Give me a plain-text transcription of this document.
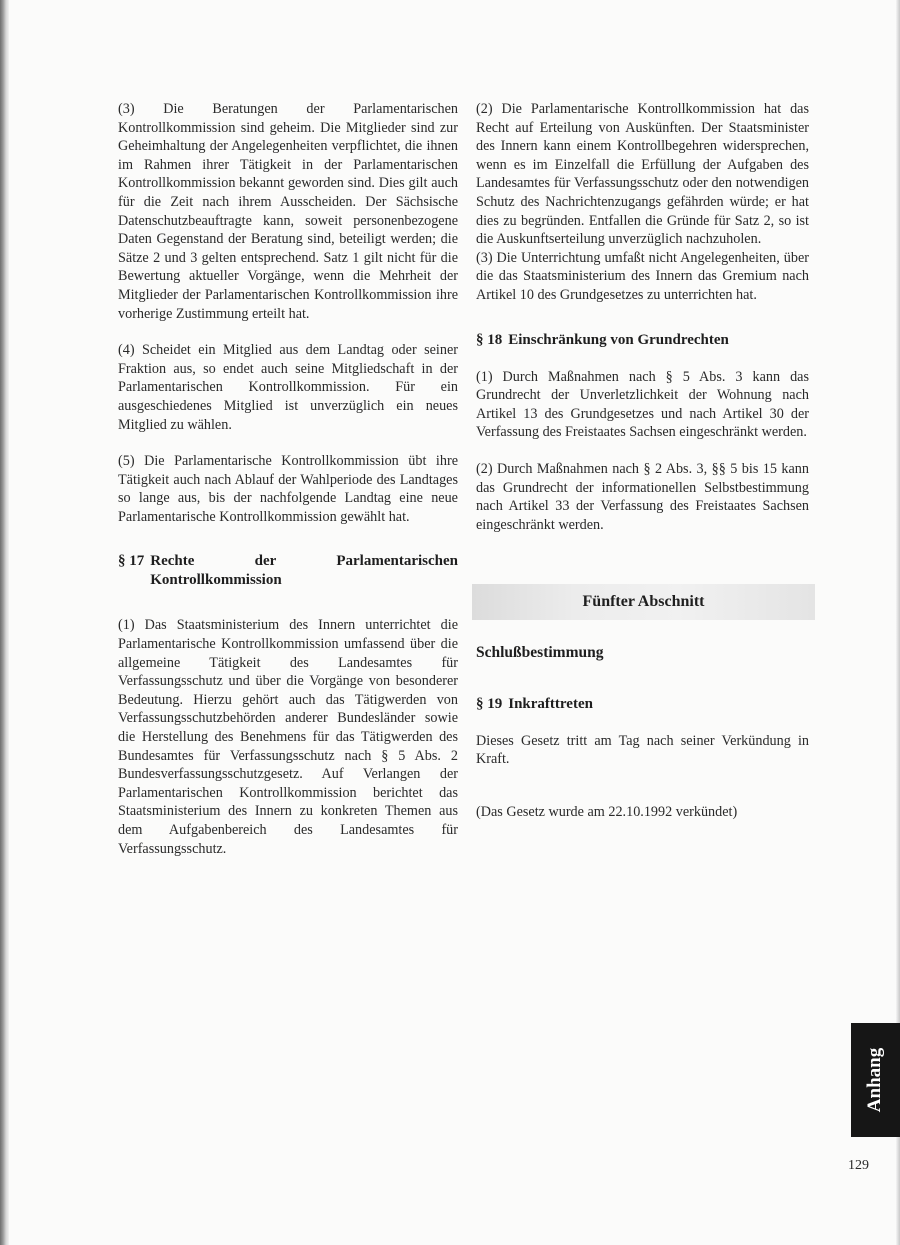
(3) Die Beratungen der Parlamentarischen Kontrollkommission sind geheim. Die Mitglieder sind zur Geheimhaltung der Angelegenheiten verpflichtet, die ihnen im Rahmen ihrer Tätigkeit in der Parlamentarischen Kontrollkommission bekannt geworden sind. Dies gilt auch für die Zeit nach ihrem Ausscheiden. Der Sächsische Datenschutzbeauftragte kann, soweit personenbezogene Daten Gegenstand der Beratung sind, beteiligt werden; die Sätze 2 und 3 gelten entsprechend. Satz 1 gilt nicht für die Bewertung aktueller Vorgänge, wenn die Mehrheit der Mitglieder der Parlamentarischen Kontrollkommission ihre vorherige Zustimmung erteilt hat.

(4) Scheidet ein Mitglied aus dem Landtag oder seiner Fraktion aus, so endet auch seine Mitgliedschaft in der Parlamentarischen Kontrollkommission. Für ein ausgeschiedenes Mitglied ist unverzüglich ein neues Mitglied zu wählen.

(5) Die Parlamentarische Kontrollkommission übt ihre Tätigkeit auch nach Ablauf der Wahlperiode des Landtages so lange aus, bis der nachfolgende Landtag eine neue Parlamentarische Kontrollkommission gewählt hat.

§ 17 Rechte der Parlamentarischen Kontrollkommission

(1) Das Staatsministerium des Innern unterrichtet die Parlamentarische Kontrollkommission umfassend über die allgemeine Tätigkeit des Landesamtes für Verfassungsschutz und über die Vorgänge von besonderer Bedeutung. Hierzu gehört auch das Tätigwerden von Verfassungsschutzbehörden anderer Bundesländer sowie die Herstellung des Benehmens für das Tätigwerden des Bundesamtes für Verfassungsschutz nach § 5 Abs. 2 Bundesverfassungsschutzgesetz. Auf Verlangen der Parlamentarischen Kontrollkommission berichtet das Staatsministerium des Innern zu konkreten Themen aus dem Aufgabenbereich des Landesamtes für Verfassungsschutz.

(2) Die Parlamentarische Kontrollkommission hat das Recht auf Erteilung von Auskünften. Der Staatsminister des Innern kann einem Kontrollbegehren widersprechen, wenn es im Einzelfall die Erfüllung der Aufgaben des Landesamtes für Verfassungsschutz oder den notwendigen Schutz des Nachrichtenzugangs gefährden würde; er hat dies zu begründen. Entfallen die Gründe für Satz 2, so ist die Auskunftserteilung unverzüglich nachzuholen.

(3) Die Unterrichtung umfaßt nicht Angelegenheiten, über die das Staatsministerium des Innern das Gremium nach Artikel 10 des Grundgesetzes zu unterrichten hat.

§ 18 Einschränkung von Grundrechten

(1) Durch Maßnahmen nach § 5 Abs. 3 kann das Grundrecht der Unverletzlichkeit der Wohnung nach Artikel 13 des Grundgesetzes und nach Artikel 30 der Verfassung des Freistaates Sachsen eingeschränkt werden.

(2) Durch Maßnahmen nach § 2 Abs. 3, §§ 5 bis 15 kann das Grundrecht der informationellen Selbstbestimmung nach Artikel 33 der Verfassung des Freistaates Sachsen eingeschränkt werden.

Fünfter Abschnitt
Schlußbestimmung
§ 19 Inkrafttreten

Dieses Gesetz tritt am Tag nach seiner Verkündung in Kraft.

(Das Gesetz wurde am 22.10.1992 verkündet)

Anhang
129
